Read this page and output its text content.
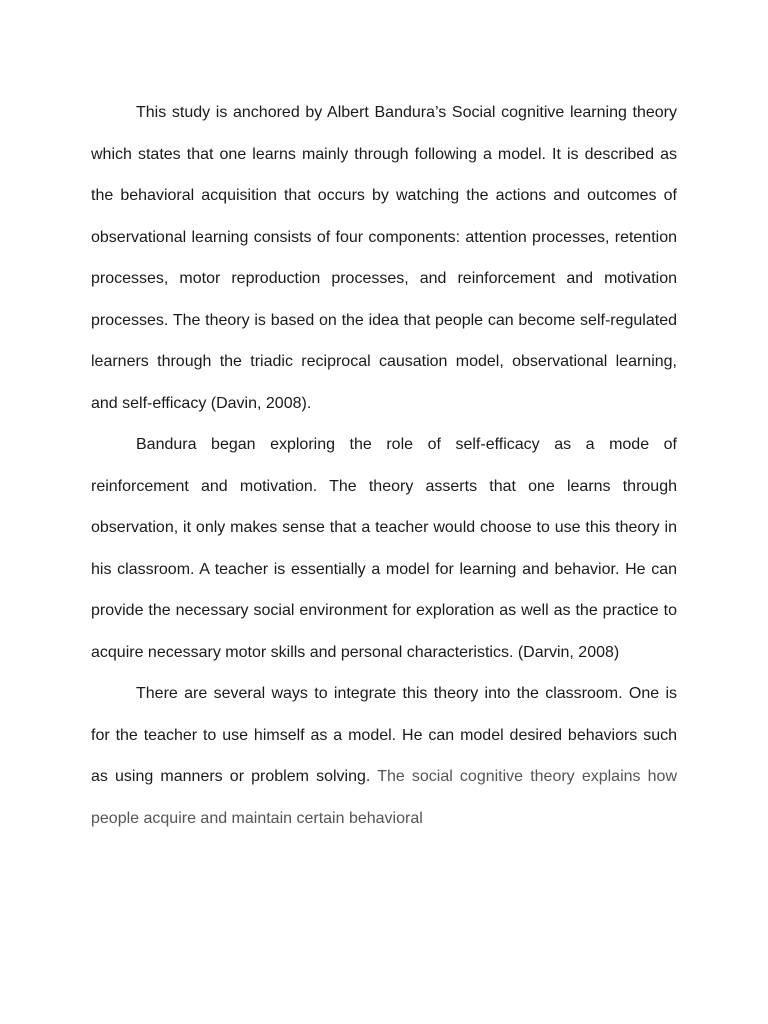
This study is anchored by Albert Bandura’s Social cognitive learning theory which states that one learns mainly through following a model. It is described as the behavioral acquisition that occurs by watching the actions and outcomes of observational learning consists of four components: attention processes, retention processes, motor reproduction processes, and reinforcement and motivation processes. The theory is based on the idea that people can become self-regulated learners through the triadic reciprocal causation model, observational learning, and self-efficacy (Davin, 2008).

Bandura began exploring the role of self-efficacy as a mode of reinforcement and motivation. The theory asserts that one learns through observation, it only makes sense that a teacher would choose to use this theory in his classroom. A teacher is essentially a model for learning and behavior. He can provide the necessary social environment for exploration as well as the practice to acquire necessary motor skills and personal characteristics. (Darvin, 2008)

There are several ways to integrate this theory into the classroom. One is for the teacher to use himself as a model. He can model desired behaviors such as using manners or problem solving. The social cognitive theory explains how people acquire and maintain certain behavioral
